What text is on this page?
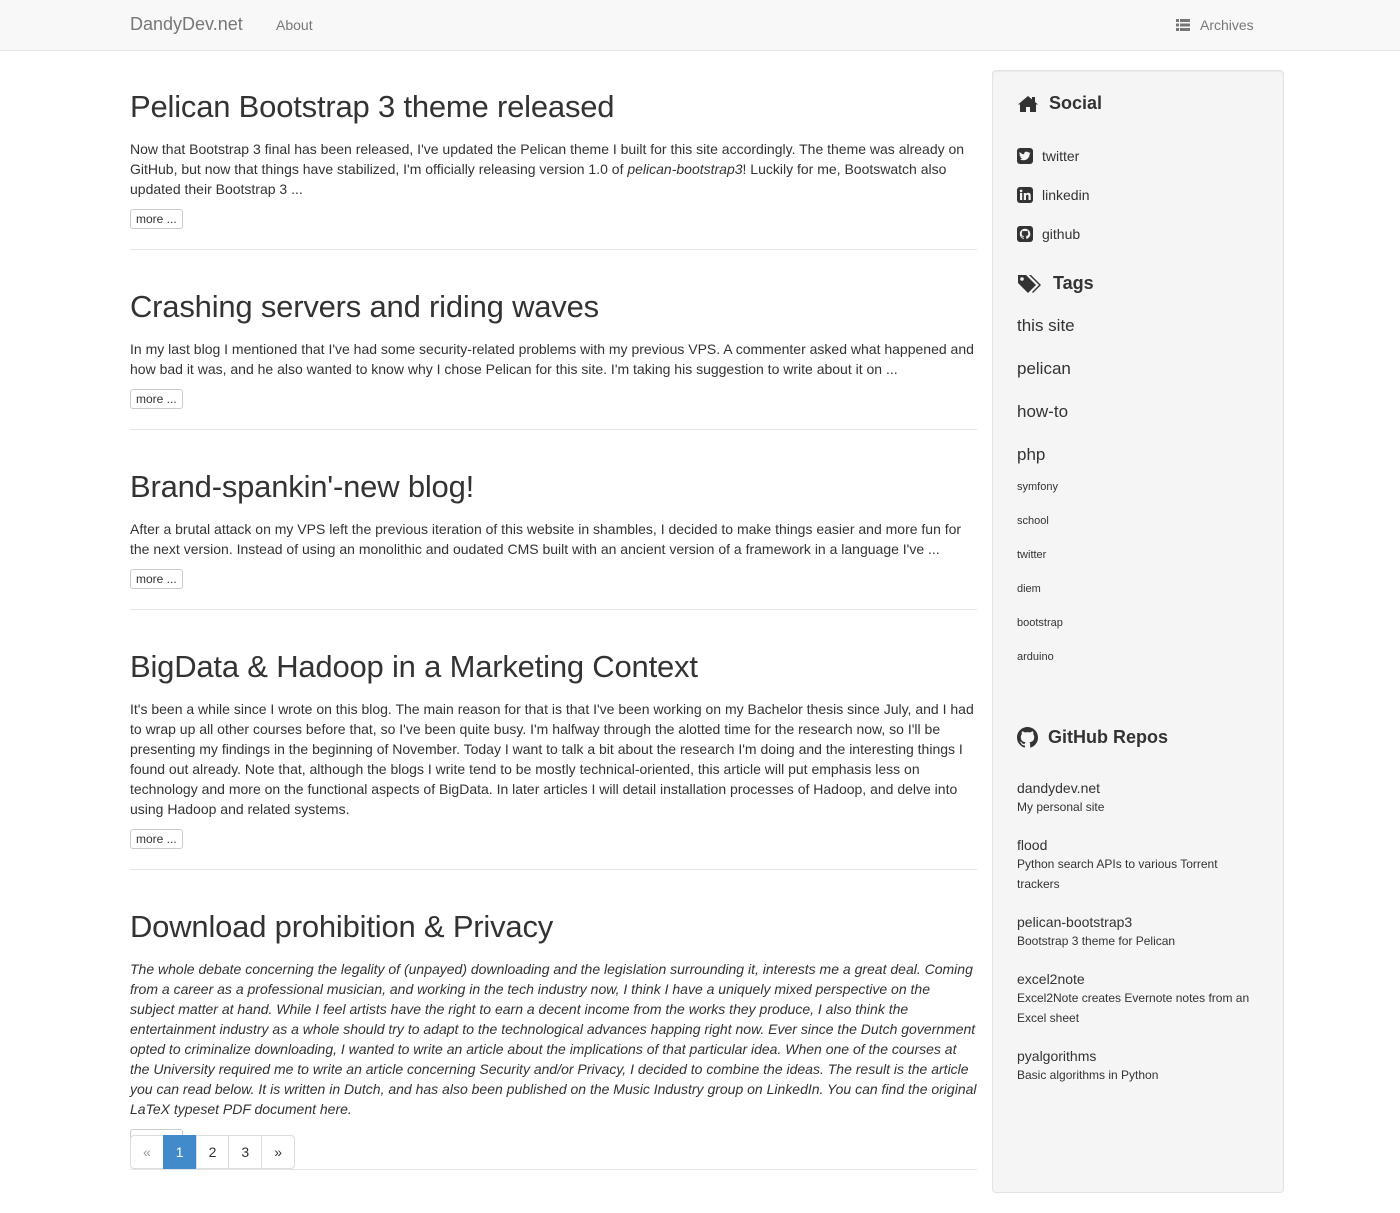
DandyDev.net About	Archives
Pelican Bootstrap 3 theme released

Now that Bootstrap 3 final has been released, I've updated the Pelican theme I built for this site accordingly. The theme was already on GitHub, but now that things have stabilized, I'm officially releasing version 1.0 of pelican-bootstrap3! Luckily for me, Bootswatch also updated their Bootstrap 3 ...

more ...
Crashing servers and riding waves

In my last blog I mentioned that I've had some security-related problems with my previous VPS. A commenter asked what happened and how bad it was, and he also wanted to know why I chose Pelican for this site. I'm taking his suggestion to write about it on ...

more ...
Brand-spankin'-new blog!

After a brutal attack on my VPS left the previous iteration of this website in shambles, I decided to make things easier and more fun for the next version. Instead of using an monolithic and oudated CMS built with an ancient version of a framework in a language I've ...

more ...
BigData & Hadoop in a Marketing Context

It's been a while since I wrote on this blog. The main reason for that is that I've been working on my Bachelor thesis since July, and I had to wrap up all other courses before that, so I've been quite busy. I'm halfway through the alotted time for the research now, so I'll be presenting my findings in the beginning of November. Today I want to talk a bit about the research I'm doing and the interesting things I found out already. Note that, although the blogs I write tend to be mostly technical-oriented, this article will put emphasis less on technology and more on the functional aspects of BigData. In later articles I will detail installation processes of Hadoop, and delve into using Hadoop and related systems.

more ...
Download prohibition & Privacy

The whole debate concerning the legality of (unpayed) downloading and the legislation surrounding it, interests me a great deal. Coming from a career as a professional musician, and working in the tech industry now, I think I have a uniquely mixed perspective on the subject matter at hand. While I feel artists have the right to earn a decent income from the works they produce, I also think the entertainment industry as a whole should try to adapt to the technological advances happing right now. Ever since the Dutch government opted to criminalize downloading, I wanted to write an article about the implications of that particular idea. When one of the courses at the University required me to write an article concerning Security and/or Privacy, I decided to combine the ideas. The result is the article you can read below. It is written in Dutch, and has also been published on the Music Industry group on LinkedIn. You can find the original LaTeX typeset PDF document here.

«	1	2	3	»
Social
twitter
linkedin
github
Tags
this site
pelican
how-to
php
symfony
school
twitter
diem
bootstrap
arduino
GitHub Repos
dandydev.net
My personal site
flood
Python search APIs to various Torrent trackers
pelican-bootstrap3
Bootstrap 3 theme for Pelican
excel2note
Excel2Note creates Evernote notes from an Excel sheet
pyalgorithms
Basic algorithms in Python
